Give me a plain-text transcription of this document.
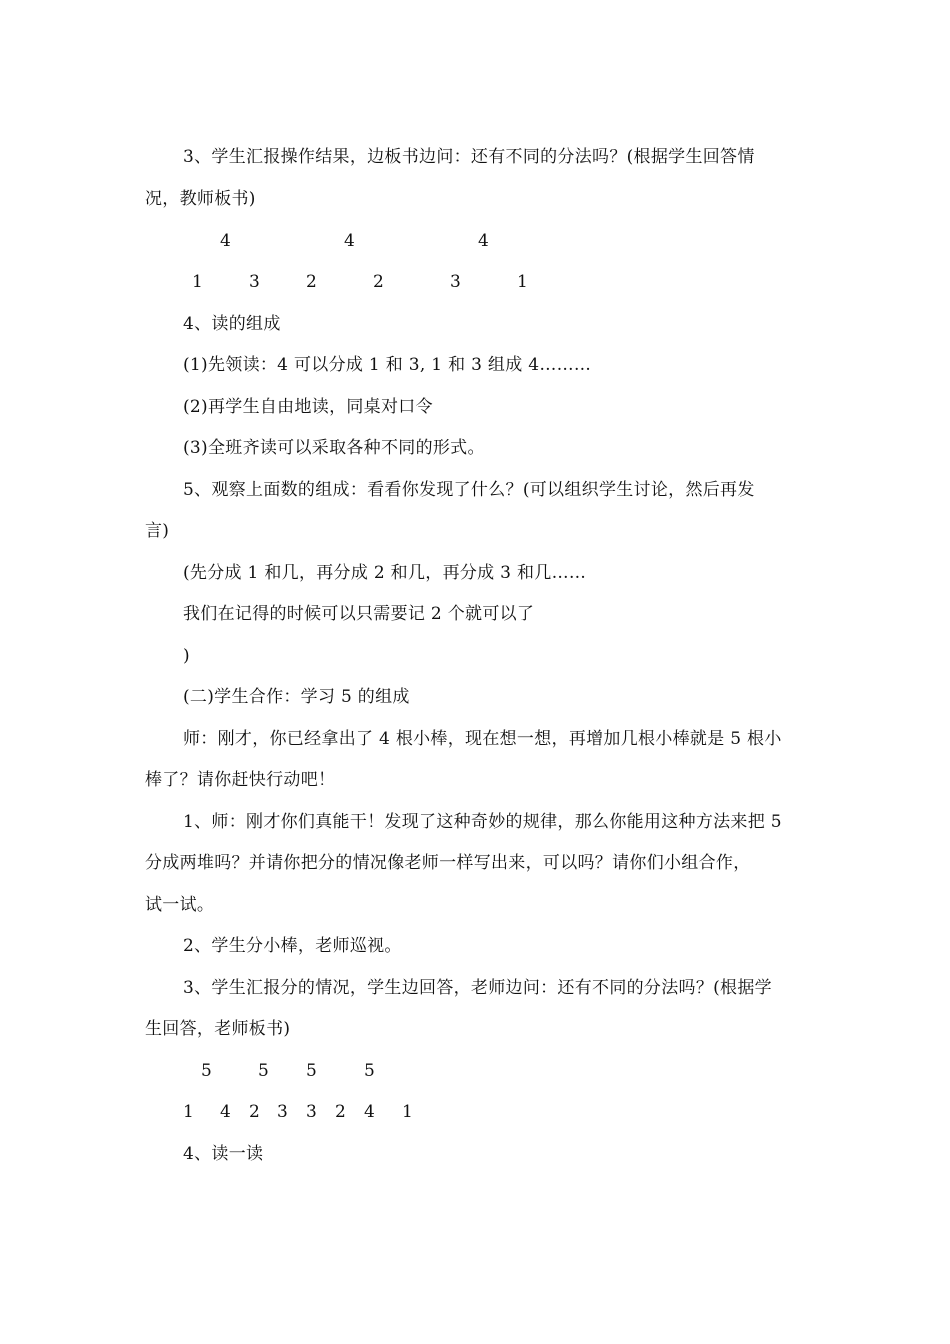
3、学生汇报操作结果，边板书边问：还有不同的分法吗？(根据学生回答情
况，教师板书)
4	4	4
1	3	2	2	3	1
4、读的组成
(1)先领读：4 可以分成 1 和 3, 1 和 3 组成 4………
(2)再学生自由地读，同桌对口令
(3)全班齐读可以采取各种不同的形式。
5、观察上面数的组成：看看你发现了什么？(可以组织学生讨论，然后再发
言)
(先分成 1 和几，再分成 2 和几，再分成 3 和几……
我们在记得的时候可以只需要记 2 个就可以了
)
(二)学生合作：学习 5 的组成
师：刚才，你已经拿出了 4 根小棒，现在想一想，再增加几根小棒就是 5 根小
棒了？请你赶快行动吧！
1、师：刚才你们真能干！发现了这种奇妙的规律，那么你能用这种方法来把 5
分成两堆吗？并请你把分的情况像老师一样写出来，可以吗？请你们小组合作，
试一试。
2、学生分小棒，老师巡视。
3、学生汇报分的情况，学生边回答，老师边问：还有不同的分法吗？(根据学
生回答，老师板书)
5	5 5	5
1 4 2 3 3 2 4 1
4、读一读
